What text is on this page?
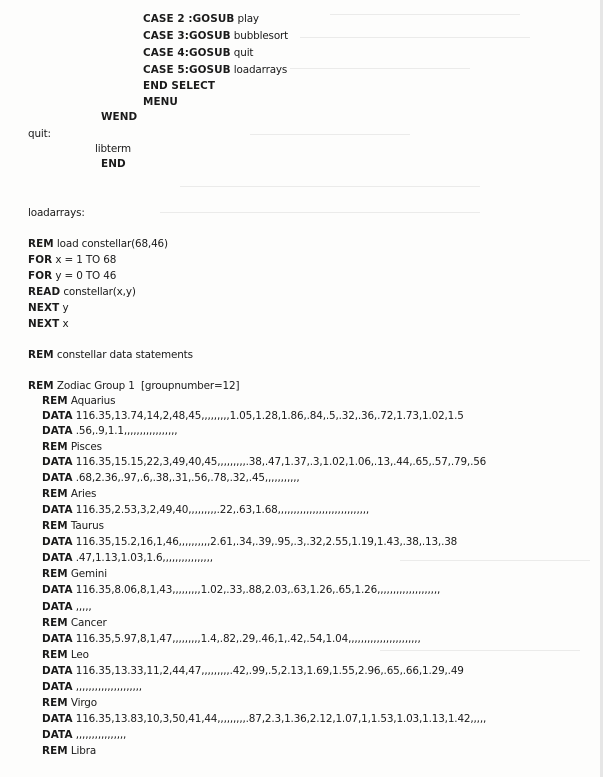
CASE 2 :GOSUB play
CASE 3:GOSUB bubblesort
CASE 4:GOSUB quit
CASE 5:GOSUB loadarrays
END SELECT
MENU
WEND
quit:
libterm
END
loadarrays:
REM load constellar(68,46)
FOR x = 1 TO 68
FOR y = 0 TO 46
READ constellar(x,y)
NEXT y
NEXT x
REM constellar data statements
REM Zodiac Group 1  [groupnumber=12]
REM Aquarius
DATA 116.35,13.74,14,2,48,45,,,,,,,,,1.05,1.28,1.86,.84,.5,.32,.36,.72,1.73,1.02,1.5
DATA .56,.9,1.1,,,,,,,,,,,,,,,,,
REM Pisces
DATA 116.35,15.15,22,3,49,40,45,,,,,,,,,.38,.47,1.37,.3,1.02,1.06,.13,.44,.65,.57,.79,.56
DATA .68,2.36,.97,.6,.38,.31,.56,.78,.32,.45,,,,,,,,,,,
REM Aries
DATA 116.35,2.53,3,2,49,40,,,,,,,,,.22,.63,1.68,,,,,,,,,,,,,,,,,,,,,,,,,,,,,
REM Taurus
DATA 116.35,15.2,16,1,46,,,,,,,,,,2.61,.34,.39,.95,.3,.32,2.55,1.19,1.43,.38,.13,.38
DATA .47,1.13,1.03,1.6,,,,,,,,,,,,,,,,
REM Gemini
DATA 116.35,8.06,8,1,43,,,,,,,,,1.02,.33,.88,2.03,.63,1.26,.65,1.26,,,,,,,,,,,,,,,,,,,,
DATA ,,,,,
REM Cancer
DATA 116.35,5.97,8,1,47,,,,,,,,,1.4,.82,.29,.46,1,.42,.54,1.04,,,,,,,,,,,,,,,,,,,,,,,
REM Leo
DATA 116.35,13.33,11,2,44,47,,,,,,,,,.42,.99,.5,2.13,1.69,1.55,2.96,.65,.66,1.29,.49
DATA ,,,,,,,,,,,,,,,,,,,,,
REM Virgo
DATA 116.35,13.83,10,3,50,41,44,,,,,,,,,.87,2.3,1.36,2.12,1.07,1,1.53,1.03,1.13,1.42,,,,,
DATA ,,,,,,,,,,,,,,,,
REM Libra
